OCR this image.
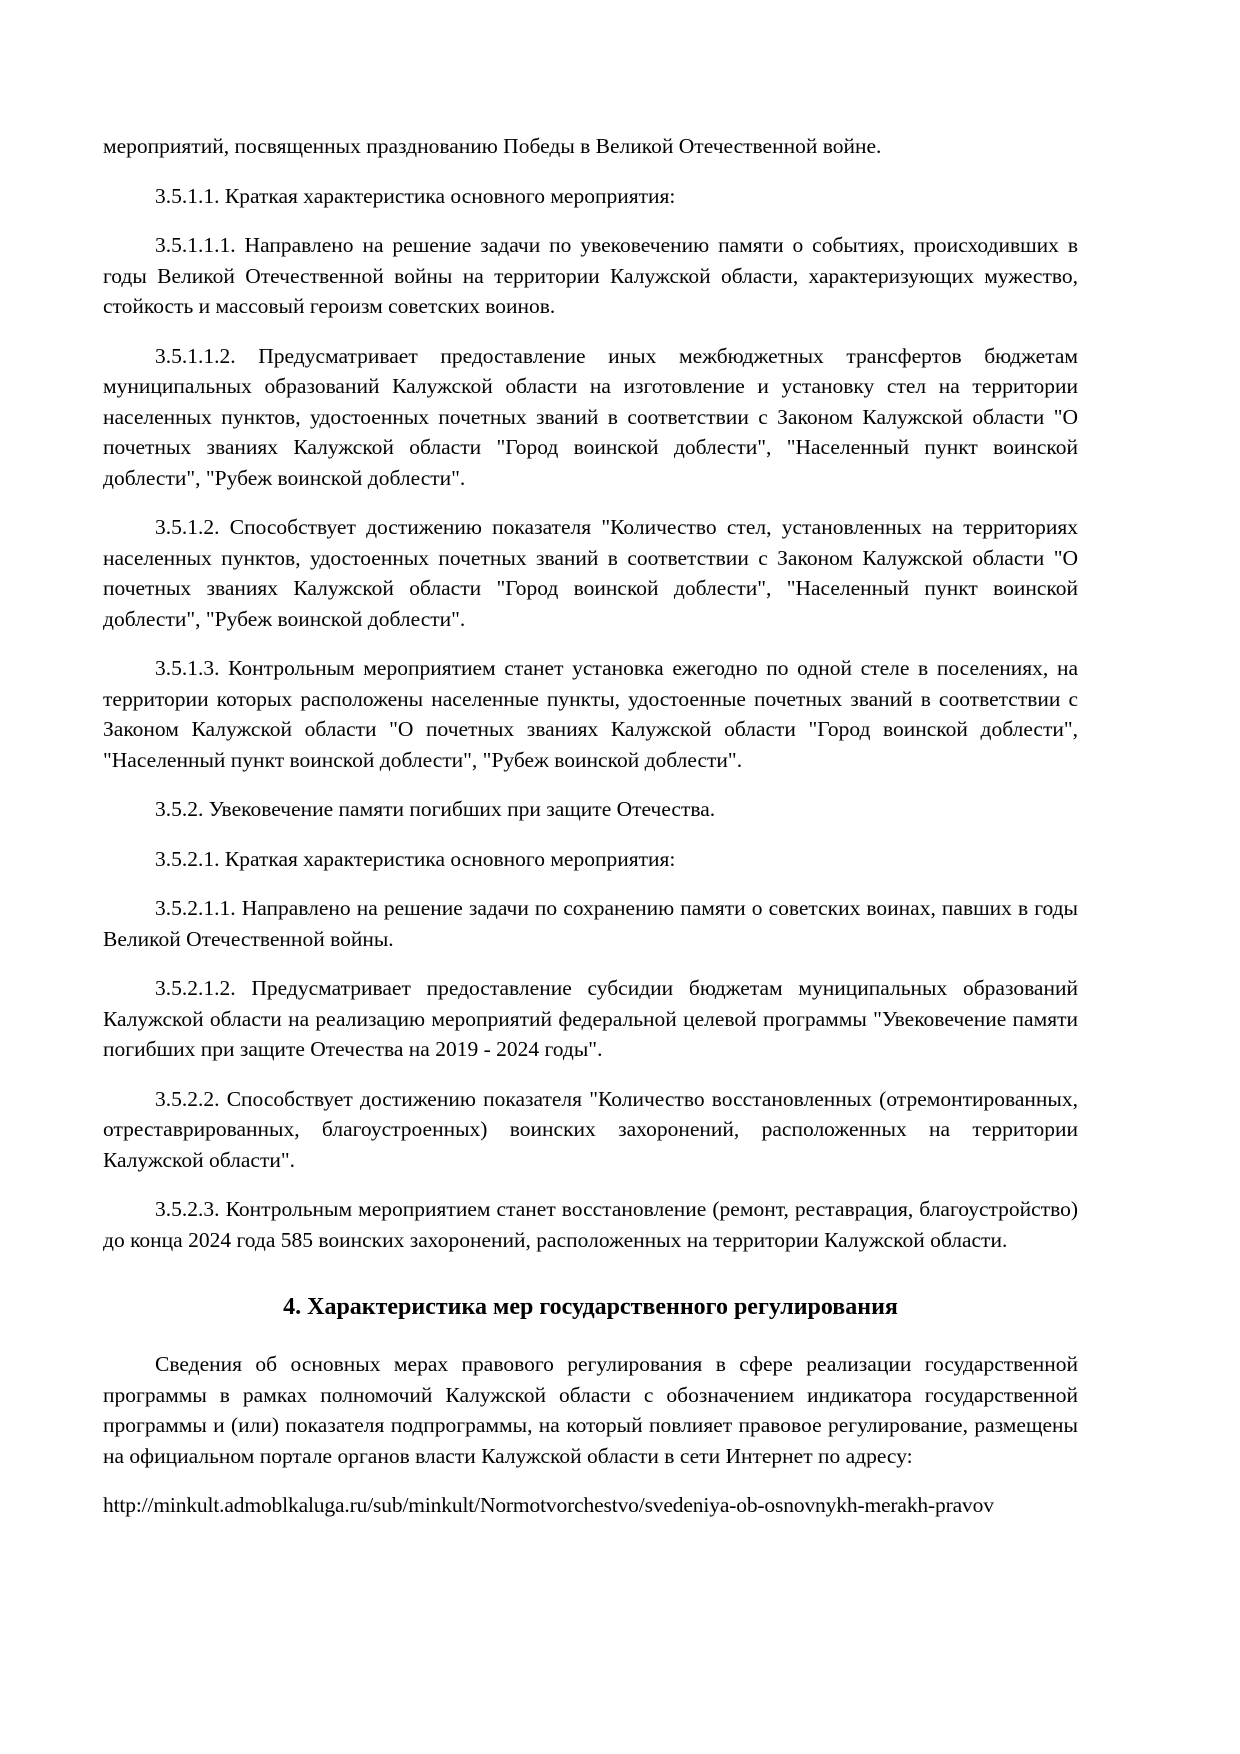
мероприятий, посвященных празднованию Победы в Великой Отечественной войне.

3.5.1.1. Краткая характеристика основного мероприятия:

3.5.1.1.1. Направлено на решение задачи по увековечению памяти о событиях, происходивших в годы Великой Отечественной войны на территории Калужской области, характеризующих мужество, стойкость и массовый героизм советских воинов.

3.5.1.1.2. Предусматривает предоставление иных межбюджетных трансфертов бюджетам муниципальных образований Калужской области на изготовление и установку стел на территории населенных пунктов, удостоенных почетных званий в соответствии с Законом Калужской области "О почетных званиях Калужской области "Город воинской доблести", "Населенный пункт воинской доблести", "Рубеж воинской доблести".

3.5.1.2. Способствует достижению показателя "Количество стел, установленных на территориях населенных пунктов, удостоенных почетных званий в соответствии с Законом Калужской области "О почетных званиях Калужской области "Город воинской доблести", "Населенный пункт воинской доблести", "Рубеж воинской доблести".

3.5.1.3. Контрольным мероприятием станет установка ежегодно по одной стеле в поселениях, на территории которых расположены населенные пункты, удостоенные почетных званий в соответствии с Законом Калужской области "О почетных званиях Калужской области "Город воинской доблести", "Населенный пункт воинской доблести", "Рубеж воинской доблести".

3.5.2. Увековечение памяти погибших при защите Отечества.

3.5.2.1. Краткая характеристика основного мероприятия:

3.5.2.1.1. Направлено на решение задачи по сохранению памяти о советских воинах, павших в годы Великой Отечественной войны.

3.5.2.1.2. Предусматривает предоставление субсидии бюджетам муниципальных образований Калужской области на реализацию мероприятий федеральной целевой программы "Увековечение памяти погибших при защите Отечества на 2019 - 2024 годы".

3.5.2.2. Способствует достижению показателя "Количество восстановленных (отремонтированных, отреставрированных, благоустроенных) воинских захоронений, расположенных на территории Калужской области".

3.5.2.3. Контрольным мероприятием станет восстановление (ремонт, реставрация, благоустройство) до конца 2024 года 585 воинских захоронений, расположенных на территории Калужской области.

4. Характеристика мер государственного регулирования

Сведения об основных мерах правового регулирования в сфере реализации государственной программы в рамках полномочий Калужской области с обозначением индикатора государственной программы и (или) показателя подпрограммы, на который повлияет правовое регулирование, размещены на официальном портале органов власти Калужской области в сети Интернет по адресу:

http://minkult.admoblkaluga.ru/sub/minkult/Normotvorchestvo/svedeniya-ob-osnovnykh-merakh-pravov
